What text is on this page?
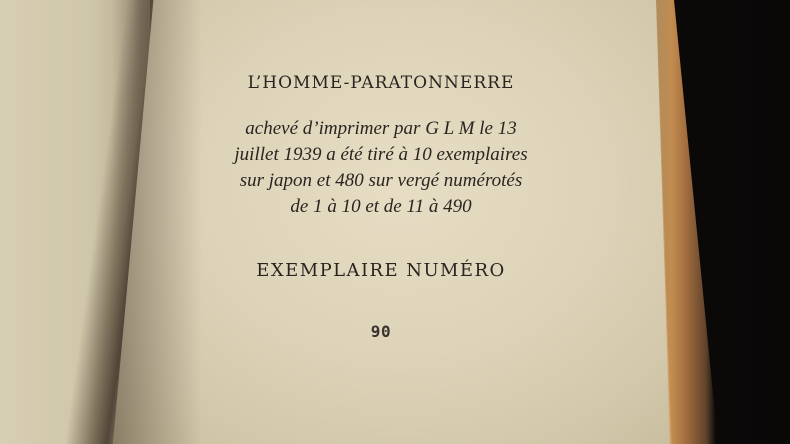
L’HOMME-PARATONNERRE

achevé d’imprimer par G L M le 13
juillet 1939 a été tiré à 10 exemplaires
sur japon et 480 sur vergé numérotés
de 1 à 10 et de 11 à 490

EXEMPLAIRE NUMÉRO
90
